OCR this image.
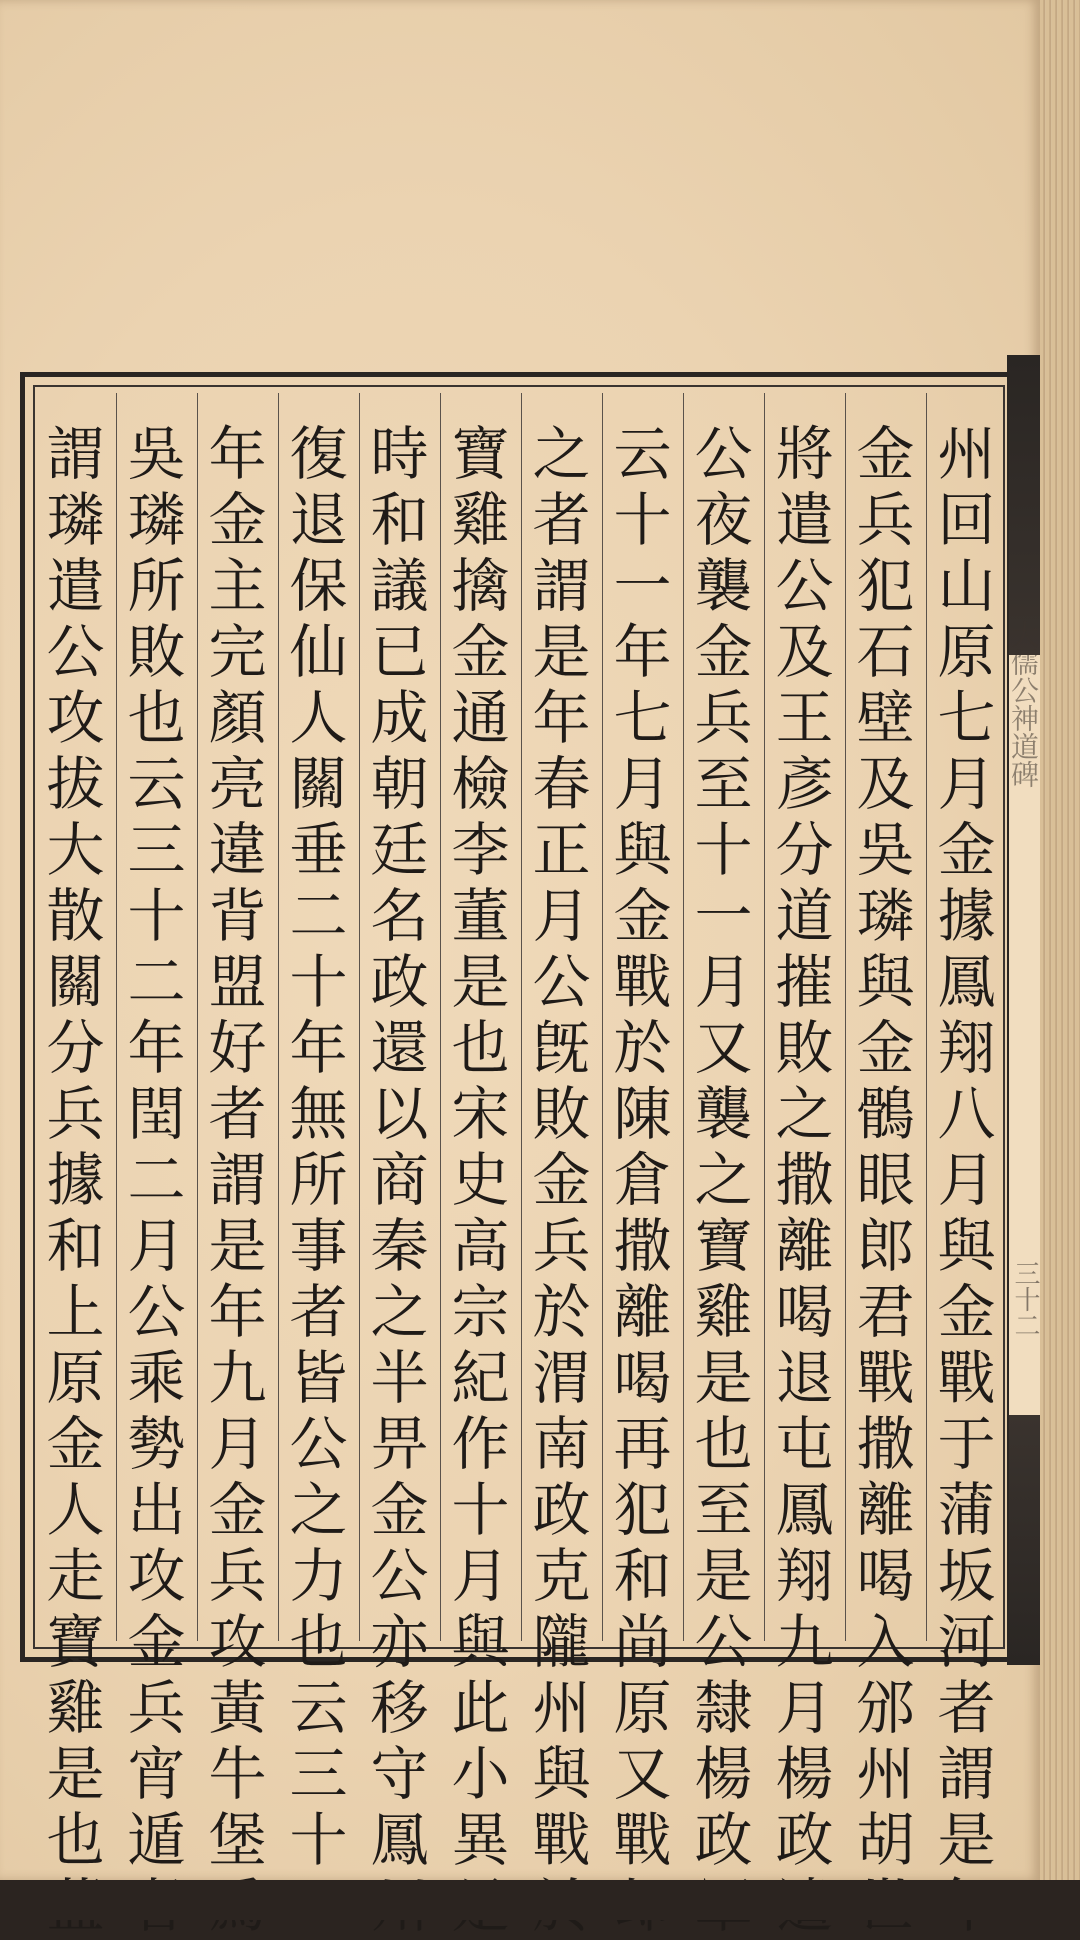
州
回
山
原
七
月
金
據
鳳
翔
八
月
與
金
戰
于
蒲
坂
河
者
謂
是
金
兵
犯
石
壁
及
吳
璘
與
金
鶻
眼
郎
君
戰
撒
離
喝
入
邠
州
胡
將
遣
公
及
王
彥
分
道
摧
敗
之
撒
離
喝
退
屯
鳳
翔
九
月
楊
政
公
夜
襲
金
兵
至
十
一
月
又
襲
之
寶
雞
是
也
至
是
公
隸
楊
政
云
十
一
年
七
月
與
金
戰
於
陳
倉
撒
離
喝
再
犯
和
尚
原
又
戰
之
者
謂
是
年
春
正
月
公
旣
敗
金
兵
於
渭
南
政
克
隴
州
與
戰
寶
雞
擒
金
通
檢
李
董
是
也
宋
史
高
宗
紀
作
十
月
與
此
小
異
時
和
議
已
成
朝
廷
名
政
還
以
商
秦
之
半
畀
金
公
亦
移
守
鳳
復
退
保
仙
人
關
垂
二
十
年
無
所
事
者
皆
公
之
力
也
云
三
十
年
金
主
完
顏
亮
違
背
盟
好
者
謂
是
年
九
月
金
兵
攻
黃
牛
堡
吳
璘
所
敗
也
云
三
十
二
年
閏
二
月
公
乘
勢
出
攻
金
兵
宵
遁
謂
璘
遣
公
攻
拔
大
散
關
分
兵
據
和
上
原
金
人
走
寶
雞
是
也
大儒公神道碑
三十二
